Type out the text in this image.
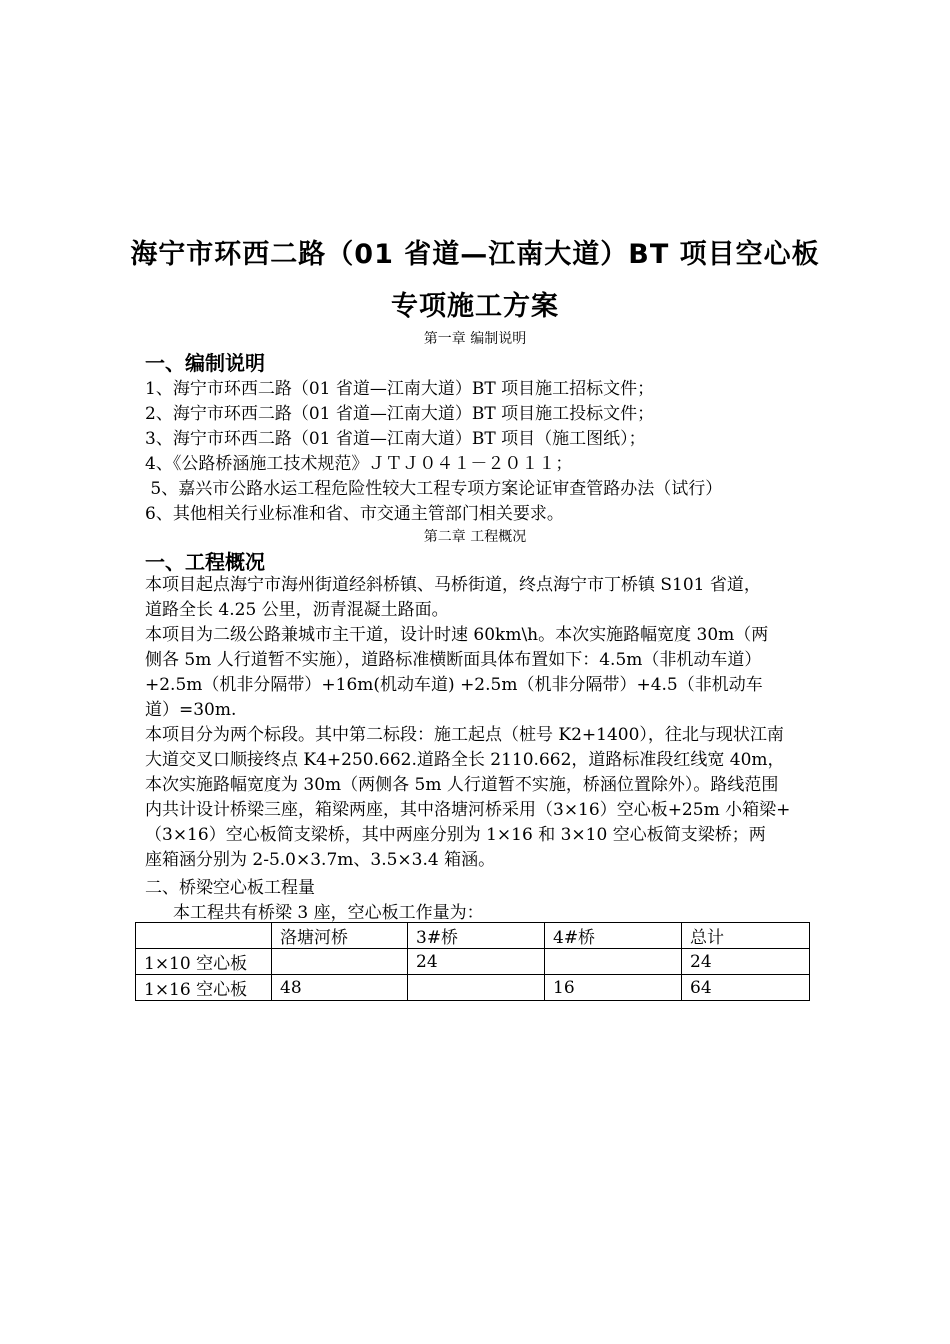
海宁市环西二路（01 省道—江南大道）BT 项目空心板
专项施工方案
第一章 编制说明
一、编制说明
1、海宁市环西二路（01 省道—江南大道）BT 项目施工招标文件；
2、海宁市环西二路（01 省道—江南大道）BT 项目施工投标文件；
3、海宁市环西二路（01 省道—江南大道）BT 项目（施工图纸）；
4、《公路桥涵施工技术规范》ＪＴＪ０４１－２０１１；
5、嘉兴市公路水运工程危险性较大工程专项方案论证审查管路办法（试行）
6、其他相关行业标准和省、市交通主管部门相关要求。
第二章 工程概况
一、工程概况
本项目起点海宁市海州街道经斜桥镇、马桥街道，终点海宁市丁桥镇 S101 省道，
道路全长 4.25 公里，沥青混凝土路面。
本项目为二级公路兼城市主干道，设计时速 60km\h。本次实施路幅宽度 30m（两
侧各 5m 人行道暂不实施），道路标准横断面具体布置如下：4.5m（非机动车道）
+2.5m（机非分隔带）+16m(机动车道) +2.5m（机非分隔带）+4.5（非机动车
道）=30m.
本项目分为两个标段。其中第二标段：施工起点（桩号 K2+1400），往北与现状江南
大道交叉口顺接终点 K4+250.662.道路全长 2110.662，道路标准段红线宽 40m，
本次实施路幅宽度为 30m（两侧各 5m 人行道暂不实施，桥涵位置除外）。路线范围
内共计设计桥梁三座，箱梁两座，其中洛塘河桥采用（3×16）空心板+25m 小箱梁+
（3×16）空心板简支梁桥，其中两座分别为 1×16 和 3×10 空心板简支梁桥；两
座箱涵分别为 2-5.0×3.7m、3.5×3.4 箱涵。
二、桥梁空心板工程量
本工程共有桥梁 3 座，空心板工作量为：
	洛塘河桥	3#桥	4#桥	总计
1×10 空心板		24		24
1×16 空心板	48		16	64
